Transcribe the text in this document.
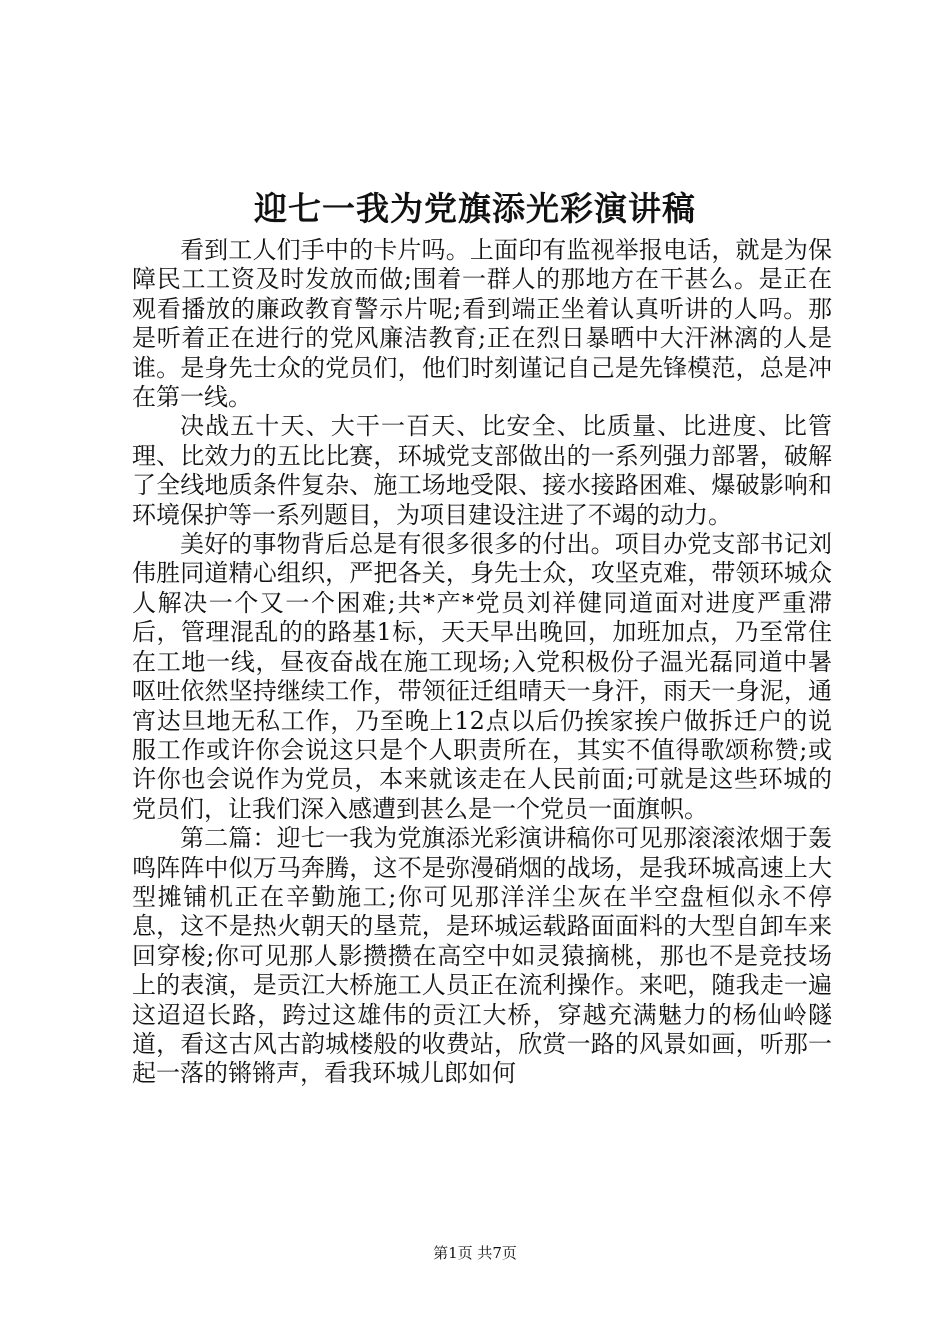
迎七一我为党旗添光彩演讲稿

看到工人们手中的卡片吗。上面印有监视举报电话，就是为保障民工工资及时发放而做;围着一群人的那地方在干甚么。是正在观看播放的廉政教育警示片呢;看到端正坐着认真听讲的人吗。那是听着正在进行的党风廉洁教育;正在烈日暴晒中大汗淋漓的人是谁。是身先士众的党员们，他们时刻谨记自己是先锋模范，总是冲在第一线。

决战五十天、大干一百天、比安全、比质量、比进度、比管理、比效力的五比比赛，环城党支部做出的一系列强力部署，破解了全线地质条件复杂、施工场地受限、接水接路困难、爆破影响和环境保护等一系列题目，为项目建设注进了不竭的动力。

美好的事物背后总是有很多很多的付出。项目办党支部书记刘伟胜同道精心组织，严把各关，身先士众，攻坚克难，带领环城众人解决一个又一个困难;共*产*党员刘祥健同道面对进度严重滞后，管理混乱的的路基1标，天天早出晚回，加班加点，乃至常住在工地一线，昼夜奋战在施工现场;入党积极份子温光磊同道中暑呕吐依然坚持继续工作，带领征迁组晴天一身汗，雨天一身泥，通宵达旦地无私工作，乃至晚上12点以后仍挨家挨户做拆迁户的说服工作或许你会说这只是个人职责所在，其实不值得歌颂称赞;或许你也会说作为党员，本来就该走在人民前面;可就是这些环城的党员们，让我们深入感遭到甚么是一个党员一面旗帜。

第二篇：迎七一我为党旗添光彩演讲稿你可见那滚滚浓烟于轰鸣阵阵中似万马奔腾，这不是弥漫硝烟的战场，是我环城高速上大型摊铺机正在辛勤施工;你可见那洋洋尘灰在半空盘桓似永不停息，这不是热火朝天的垦荒，是环城运载路面面料的大型自卸车来回穿梭;你可见那人影攒攒在高空中如灵猿摘桃，那也不是竞技场上的表演，是贡江大桥施工人员正在流利操作。来吧，随我走一遍这迢迢长路，跨过这雄伟的贡江大桥，穿越充满魅力的杨仙岭隧道，看这古风古韵城楼般的收费站，欣赏一路的风景如画，听那一起一落的锵锵声，看我环城儿郎如何

第1页 共7页
